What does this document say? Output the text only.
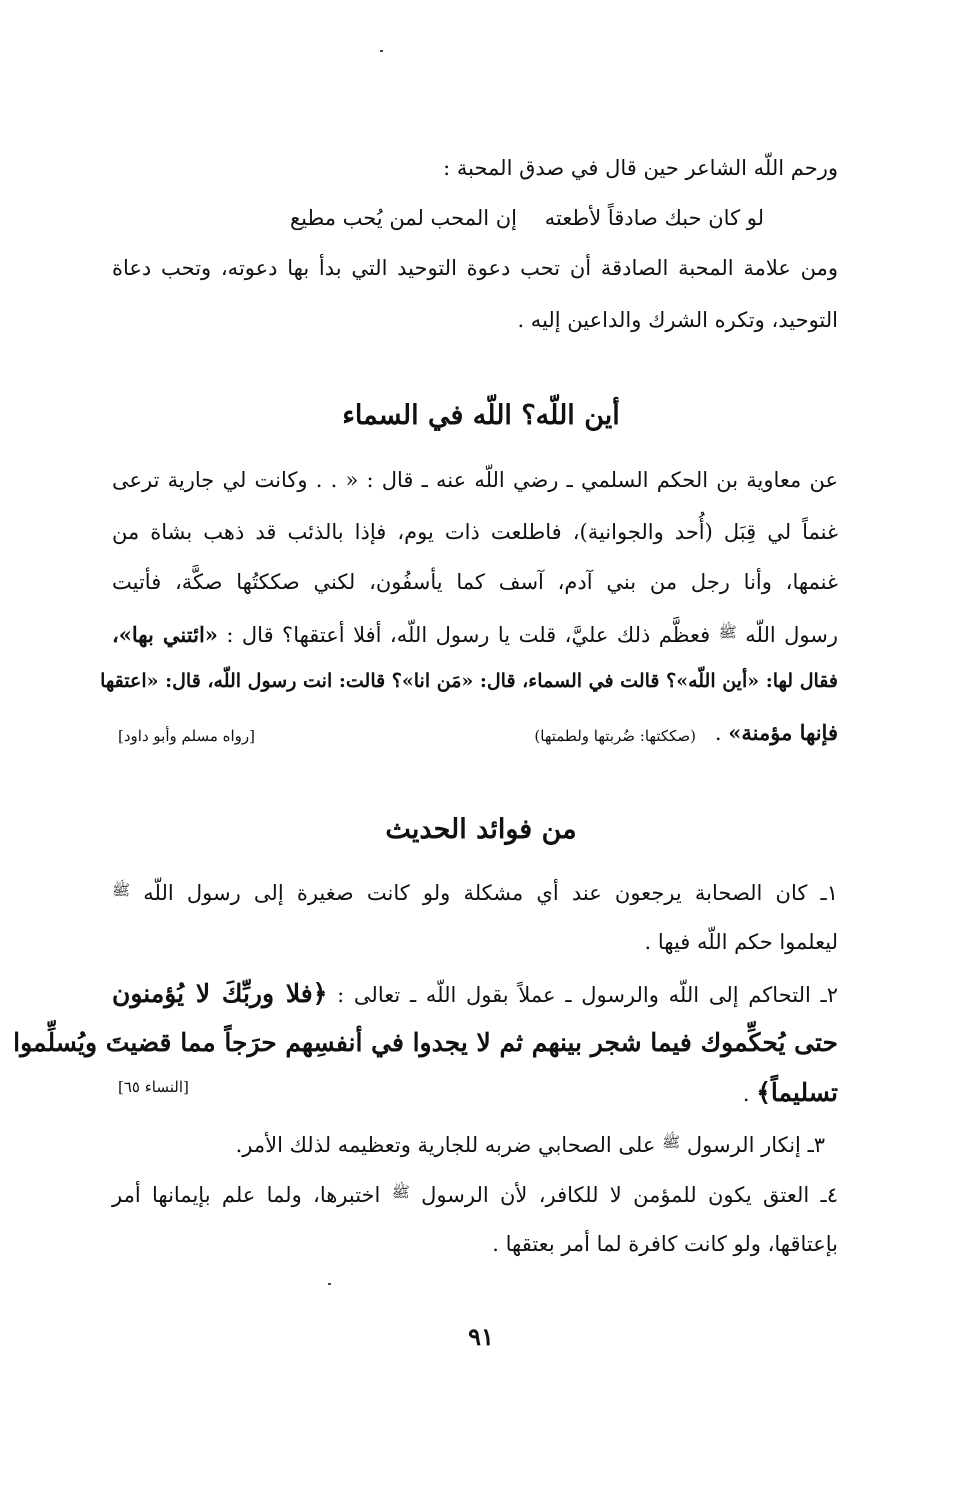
ورحم اللّه الشاعر حين قال في صدق المحبة :
لو كان حبك صادقاً لأطعته
إن المحب لمن يُحب مطيع
ومن علامة المحبة الصادقة أن تحب دعوة التوحيد التي بدأ بها دعوته، وتحب دعاة
التوحيد، وتكره الشرك والداعين إليه .
أين اللّه؟ اللّه في السماء
عن معاوية بن الحكم السلمي ـ رضي اللّه عنه ـ قال : « . . وكانت لي جارية ترعى
غنماً لي قِبَل (أُحد والجوانية)، فاطلعت ذات يوم، فإذا بالذئب قد ذهب بشاة من
غنمها، وأنا رجل من بني آدم، آسف كما يأسفُون، لكني صككتُها صكَّة، فأتيت
رسول اللّه $^ﷺ$ فعظَّم ذلك عليَّ، قلت يا رسول اللّه، أفلا أعتقها؟ قال : «ائتني بها»،
فقال لها: «أين اللّه»؟ قالت في السماء، قال: «مَن انا»؟ قالت: انت رسول اللّه، قال: «اعتقها
فإنها مؤمنة» .
(صككتها: ضُربتها ولطمتها)
[رواه مسلم وأبو داود]
من فوائد الحديث
١ـ كان الصحابة يرجعون عند أي مشكلة ولو كانت صغيرة إلى رسول اللّه $^ﷺ$
ليعلموا حكم اللّه فيها .
٢ـ التحاكم إلى اللّه والرسول ـ عملاً بقول اللّه ـ تعالى : ﴿فلا وربِّكَ لا يُؤمنون
حتى يُحكِّموك فيما شجر بينهم ثم لا يجدوا في أنفسِهم حرَجاً مما قضيتَ ويُسلِّموا
تسليماً﴾ .
[النساء ٦٥]
٣ـ إنكار الرسول $^ﷺ$ على الصحابي ضربه للجارية وتعظيمه لذلك الأمر.
٤ـ العتق يكون للمؤمن لا للكافر، لأن الرسول $^ﷺ$ اختبرها، ولما علم بإيمانها أمر
بإعتاقها، ولو كانت كافرة لما أمر بعتقها .
٩١
